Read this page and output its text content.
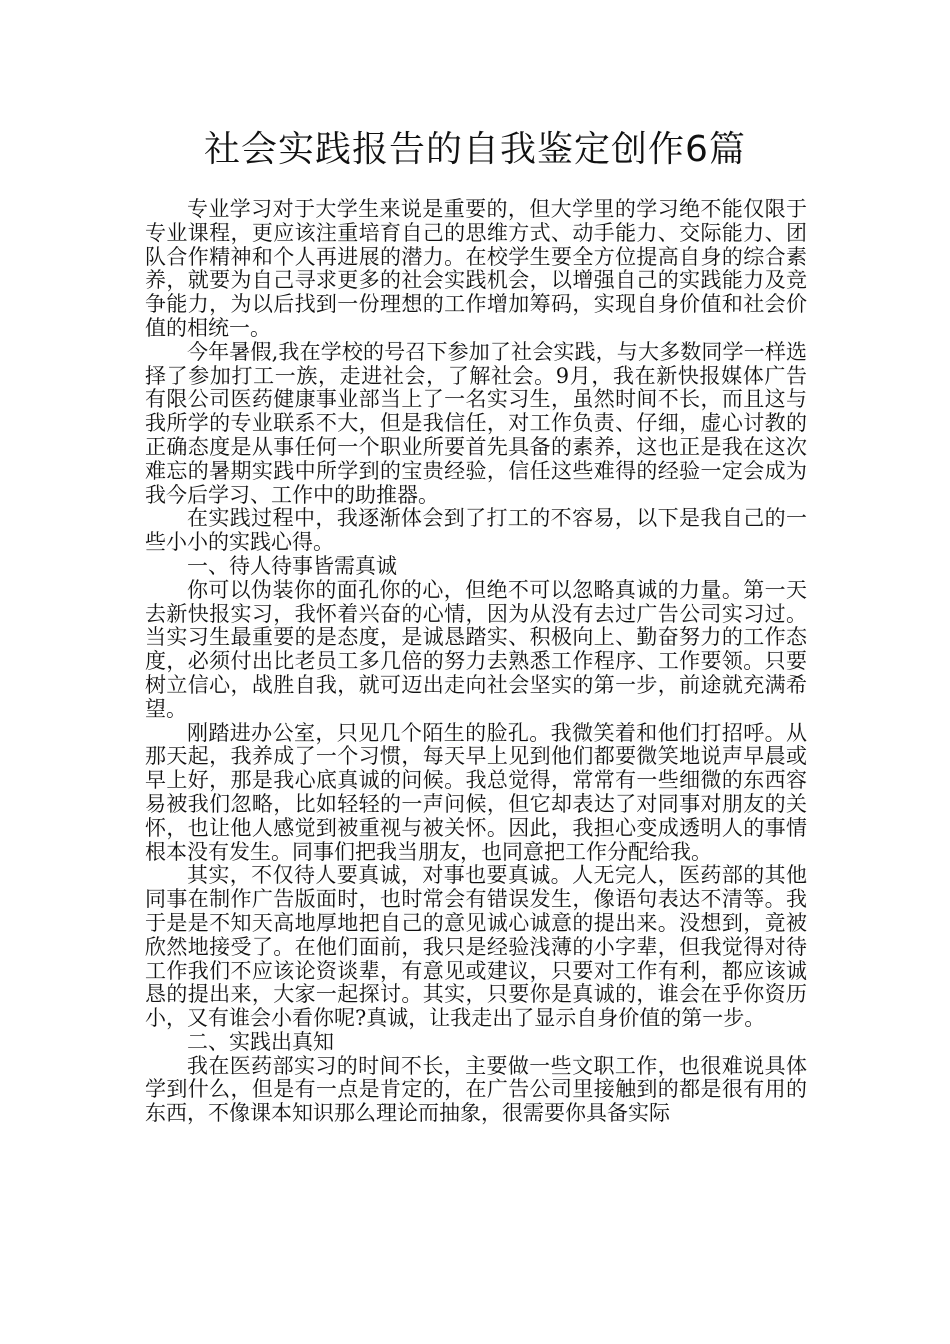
社会实践报告的自我鉴定创作6篇

专业学习对于大学生来说是重要的，但大学里的学习绝不能仅限于专业课程，更应该注重培育自己的思维方式、动手能力、交际能力、团队合作精神和个人再进展的潜力。在校学生要全方位提高自身的综合素养，就要为自己寻求更多的社会实践机会，以增强自己的实践能力及竞争能力，为以后找到一份理想的工作增加筹码，实现自身价值和社会价值的相统一。

今年暑假,我在学校的号召下参加了社会实践，与大多数同学一样选择了参加打工一族，走进社会，了解社会。9月，我在新快报媒体广告有限公司医药健康事业部当上了一名实习生，虽然时间不长，而且这与我所学的专业联系不大，但是我信任，对工作负责、仔细，虚心讨教的正确态度是从事任何一个职业所要首先具备的素养，这也正是我在这次难忘的暑期实践中所学到的宝贵经验，信任这些难得的经验一定会成为我今后学习、工作中的助推器。

在实践过程中，我逐渐体会到了打工的不容易，以下是我自己的一些小小的实践心得。

一、待人待事皆需真诚

你可以伪装你的面孔你的心，但绝不可以忽略真诚的力量。第一天去新快报实习，我怀着兴奋的心情，因为从没有去过广告公司实习过。当实习生最重要的是态度，是诚恳踏实、积极向上、勤奋努力的工作态度，必须付出比老员工多几倍的努力去熟悉工作程序、工作要领。只要树立信心，战胜自我，就可迈出走向社会坚实的第一步，前途就充满希望。

刚踏进办公室，只见几个陌生的脸孔。我微笑着和他们打招呼。从那天起，我养成了一个习惯，每天早上见到他们都要微笑地说声早晨或早上好，那是我心底真诚的问候。我总觉得，常常有一些细微的东西容易被我们忽略，比如轻轻的一声问候，但它却表达了对同事对朋友的关怀，也让他人感觉到被重视与被关怀。因此，我担心变成透明人的事情根本没有发生。同事们把我当朋友，也同意把工作分配给我。

其实，不仅待人要真诚，对事也要真诚。人无完人，医药部的其他同事在制作广告版面时，也时常会有错误发生，像语句表达不清等。我于是是不知天高地厚地把自己的意见诚心诚意的提出来。没想到，竟被欣然地接受了。在他们面前，我只是经验浅薄的小字辈，但我觉得对待工作我们不应该论资谈辈，有意见或建议，只要对工作有利，都应该诚恳的提出来，大家一起探讨。其实，只要你是真诚的，谁会在乎你资历小，又有谁会小看你呢?真诚，让我走出了显示自身价值的第一步。

二、实践出真知

我在医药部实习的时间不长，主要做一些文职工作，也很难说具体学到什么，但是有一点是肯定的，在广告公司里接触到的都是很有用的东西，不像课本知识那么理论而抽象，很需要你具备实际
